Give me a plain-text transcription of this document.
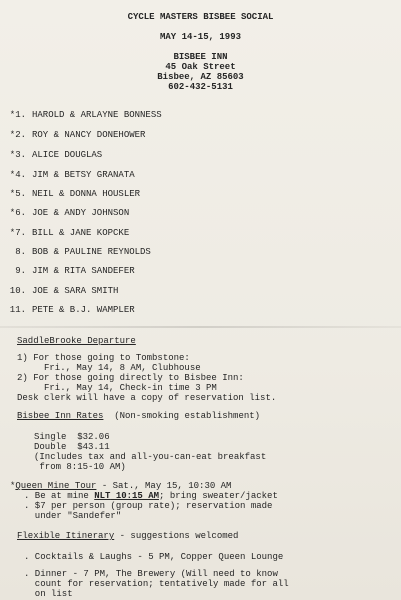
CYCLE MASTERS BISBEE SOCIAL
MAY 14-15, 1993
BISBEE INN
45 Oak Street
Bisbee, AZ 85603
602-432-5131
*1. HAROLD & ARLAYNE BONNESS
*2. ROY & NANCY DONEHOWER
*3. ALICE DOUGLAS
*4. JIM & BETSY GRANATA
*5. NEIL & DONNA HOUSLER
*6. JOE & ANDY JOHNSON
*7. BILL & JANE KOPCKE
8. BOB & PAULINE REYNOLDS
9. JIM & RITA SANDEFER
10. JOE & SARA SMITH
11. PETE & B.J. WAMPLER
SaddleBrooke Departure
1) For those going to Tombstone:
Fri., May 14, 8 AM, Clubhouse
2) For those going directly to Bisbee Inn:
Fri., May 14, Check-in time 3 PM
Desk clerk will have a copy of reservation list.
Bisbee Inn Rates (Non-smoking establishment)
Single  $32.06
Double  $43.11
(Includes tax and all-you-can-eat breakfast
from 8:15-10 AM)
*Queen Mine Tour - Sat., May 15, 10:30 AM
. Be at mine NLT 10:15 AM; bring sweater/jacket
. $7 per person (group rate); reservation made
under "Sandefer"
Flexible Itinerary - suggestions welcomed
. Cocktails & Laughs - 5 PM, Copper Queen Lounge
. Dinner - 7 PM, The Brewery (Will need to know
count for reservation; tentatively made for all
on list
